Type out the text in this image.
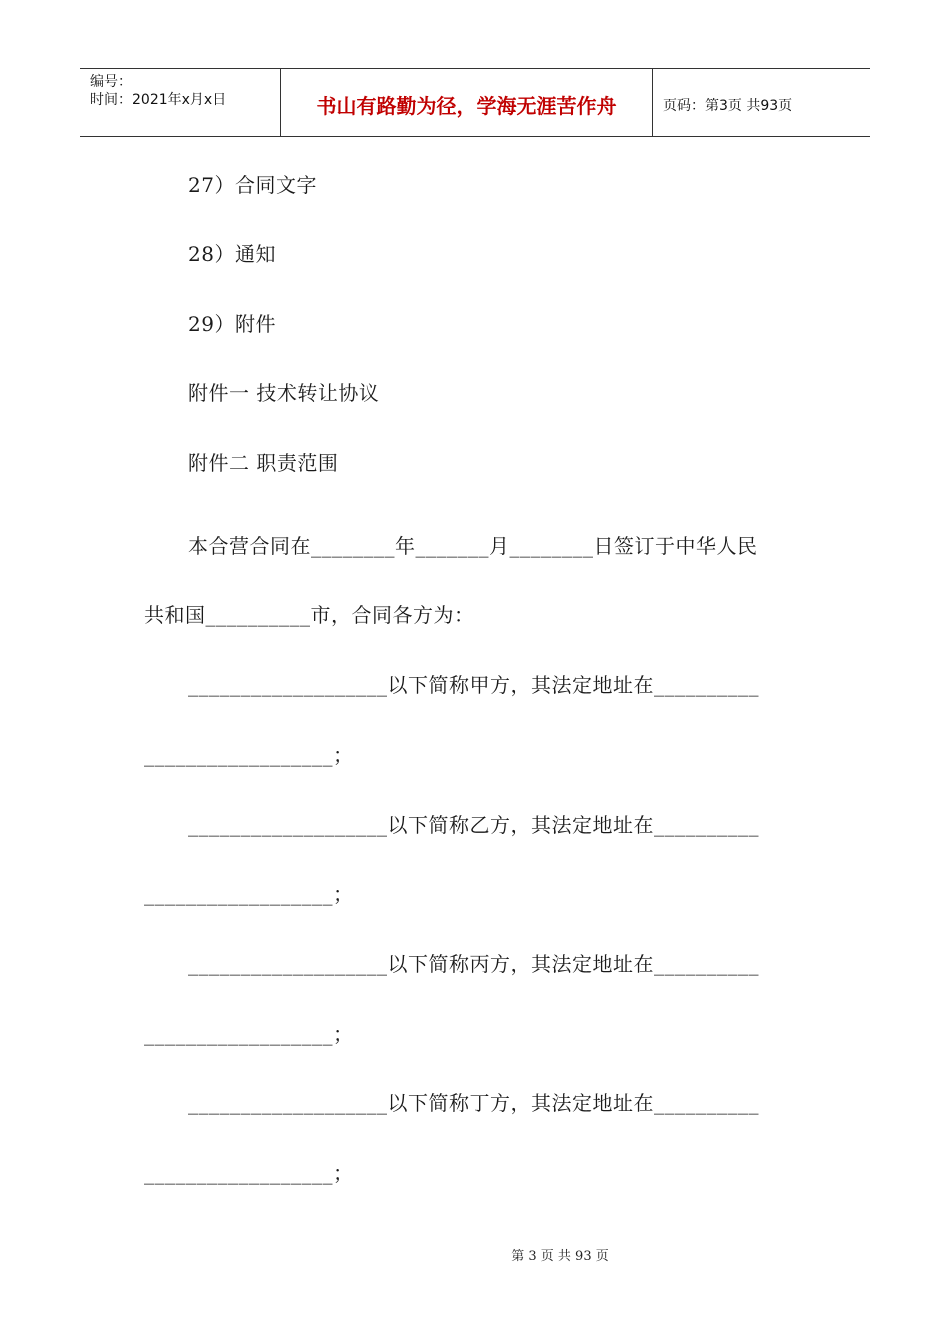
编号：
时间：2021年x月x日	书山有路勤为径，学海无涯苦作舟	页码：第3页 共93页
27）合同文字
28）通知
29）附件
附件一 技术转让协议
附件二 职责范围
本合营合同在________年_______月________日签订于中华人民
共和国__________市，合同各方为：
___________________以下简称甲方，其法定地址在__________
__________________；
___________________以下简称乙方，其法定地址在__________
__________________；
___________________以下简称丙方，其法定地址在__________
__________________；
___________________以下简称丁方，其法定地址在__________
__________________；
第 3 页 共 93 页
